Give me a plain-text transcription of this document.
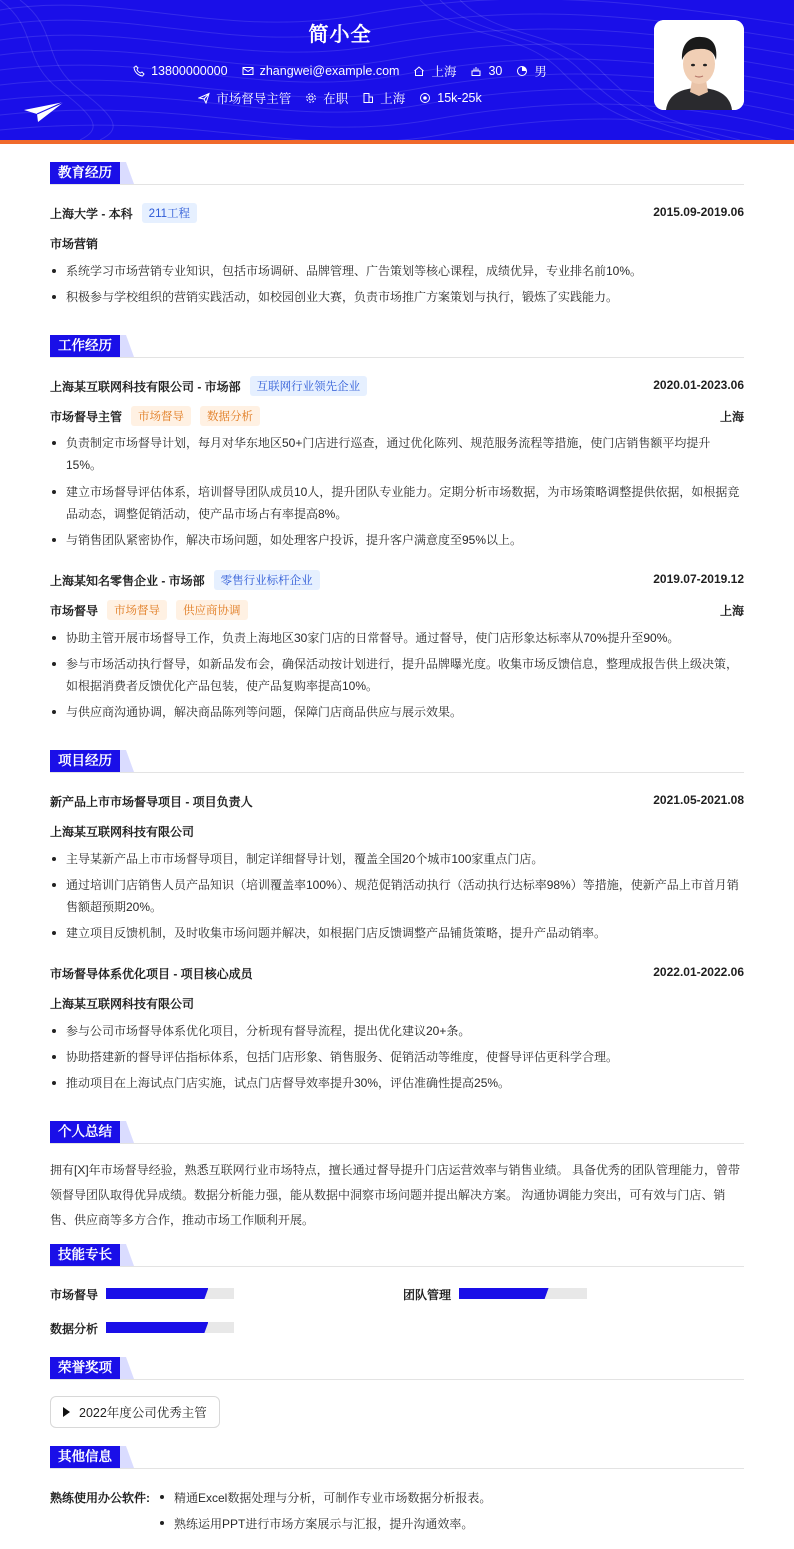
简小全
13800000000	zhangwei@example.com	上海	30	男
市场督导主管	在职	上海	15k-25k
教育经历
上海大学 - 本科	211工程	2015.09-2019.06
市场营销
系统学习市场营销专业知识，包括市场调研、品牌管理、广告策划等核心课程，成绩优异，专业排名前10%。
积极参与学校组织的营销实践活动，如校园创业大赛，负责市场推广方案策划与执行，锻炼了实践能力。
工作经历
上海某互联网科技有限公司 - 市场部	互联网行业领先企业	2020.01-2023.06
市场督导主管	市场督导	数据分析	上海
负责制定市场督导计划，每月对华东地区50+门店进行巡查，通过优化陈列、规范服务流程等措施，使门店销售额平均提升15%。
建立市场督导评估体系，培训督导团队成员10人，提升团队专业能力。定期分析市场数据，为市场策略调整提供依据，如根据竞品动态，调整促销活动，使产品市场占有率提高8%。
与销售团队紧密协作，解决市场问题，如处理客户投诉，提升客户满意度至95%以上。
上海某知名零售企业 - 市场部	零售行业标杆企业	2019.07-2019.12
市场督导	市场督导	供应商协调	上海
协助主管开展市场督导工作，负责上海地区30家门店的日常督导。通过督导，使门店形象达标率从70%提升至90%。
参与市场活动执行督导，如新品发布会，确保活动按计划进行，提升品牌曝光度。收集市场反馈信息，整理成报告供上级决策，如根据消费者反馈优化产品包装，使产品复购率提高10%。
与供应商沟通协调，解决商品陈列等问题，保障门店商品供应与展示效果。
项目经历
新产品上市市场督导项目 - 项目负责人	2021.05-2021.08
上海某互联网科技有限公司
主导某新产品上市市场督导项目，制定详细督导计划，覆盖全国20个城市100家重点门店。
通过培训门店销售人员产品知识（培训覆盖率100%）、规范促销活动执行（活动执行达标率98%）等措施，使新产品上市首月销售额超预期20%。
建立项目反馈机制，及时收集市场问题并解决，如根据门店反馈调整产品铺货策略，提升产品动销率。
市场督导体系优化项目 - 项目核心成员	2022.01-2022.06
上海某互联网科技有限公司
参与公司市场督导体系优化项目，分析现有督导流程，提出优化建议20+条。
协助搭建新的督导评估指标体系，包括门店形象、销售服务、促销活动等维度，使督导评估更科学合理。
推动项目在上海试点门店实施，试点门店督导效率提升30%，评估准确性提高25%。
个人总结
拥有[X]年市场督导经验，熟悉互联网行业市场特点，擅长通过督导提升门店运营效率与销售业绩。 具备优秀的团队管理能力，曾带领督导团队取得优异成绩。数据分析能力强，能从数据中洞察市场问题并提出解决方案。 沟通协调能力突出，可有效与门店、销售、供应商等多方合作，推动市场工作顺利开展。
技能专长
市场督导	团队管理
数据分析
荣誉奖项
2022年度公司优秀主管
其他信息
熟练使用办公软件:	精通Excel数据处理与分析，可制作专业市场数据分析报表。
熟练运用PPT进行市场方案展示与汇报，提升沟通效率。
